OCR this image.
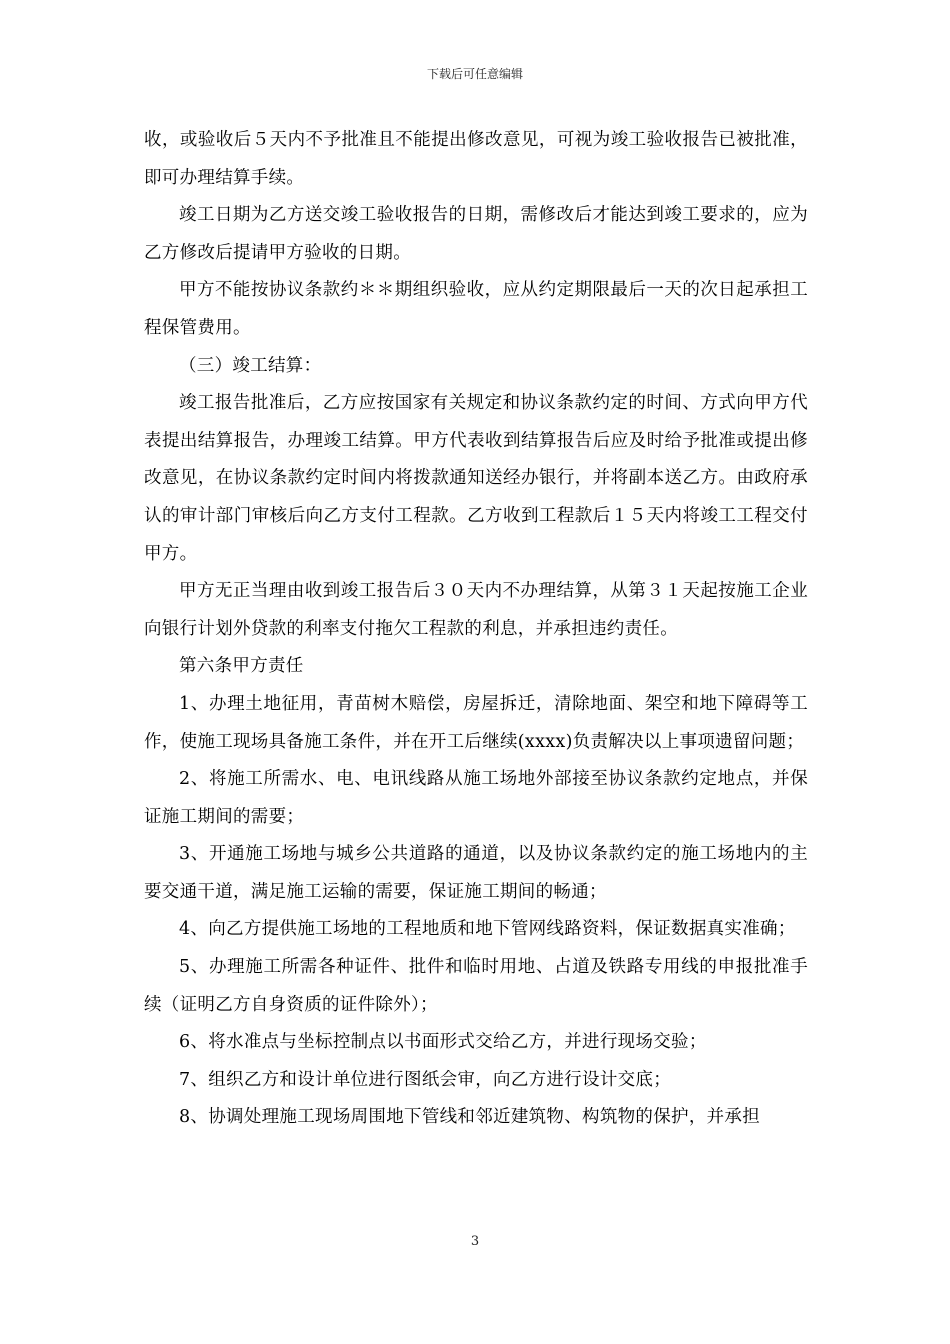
下载后可任意编辑

收，或验收后５天内不予批准且不能提出修改意见，可视为竣工验收报告已被批准，即可办理结算手续。

竣工日期为乙方送交竣工验收报告的日期，需修改后才能达到竣工要求的，应为乙方修改后提请甲方验收的日期。

甲方不能按协议条款约＊＊期组织验收，应从约定期限最后一天的次日起承担工程保管费用。

（三）竣工结算：

竣工报告批准后，乙方应按国家有关规定和协议条款约定的时间、方式向甲方代表提出结算报告，办理竣工结算。甲方代表收到结算报告后应及时给予批准或提出修改意见，在协议条款约定时间内将拨款通知送经办银行，并将副本送乙方。由政府承认的审计部门审核后向乙方支付工程款。乙方收到工程款后１５天内将竣工工程交付甲方。

甲方无正当理由收到竣工报告后３０天内不办理结算，从第３１天起按施工企业向银行计划外贷款的利率支付拖欠工程款的利息，并承担违约责任。

第六条甲方责任

1、办理土地征用，青苗树木赔偿，房屋拆迁，清除地面、架空和地下障碍等工作，使施工现场具备施工条件，并在开工后继续(xxxx)负责解决以上事项遗留问题；

2、将施工所需水、电、电讯线路从施工场地外部接至协议条款约定地点，并保证施工期间的需要；

3、开通施工场地与城乡公共道路的通道，以及协议条款约定的施工场地内的主要交通干道，满足施工运输的需要，保证施工期间的畅通；

4、向乙方提供施工场地的工程地质和地下管网线路资料，保证数据真实准确；

5、办理施工所需各种证件、批件和临时用地、占道及铁路专用线的申报批准手续（证明乙方自身资质的证件除外）；

6、将水准点与坐标控制点以书面形式交给乙方，并进行现场交验；

7、组织乙方和设计单位进行图纸会审，向乙方进行设计交底；

8、协调处理施工现场周围地下管线和邻近建筑物、构筑物的保护，并承担

3
